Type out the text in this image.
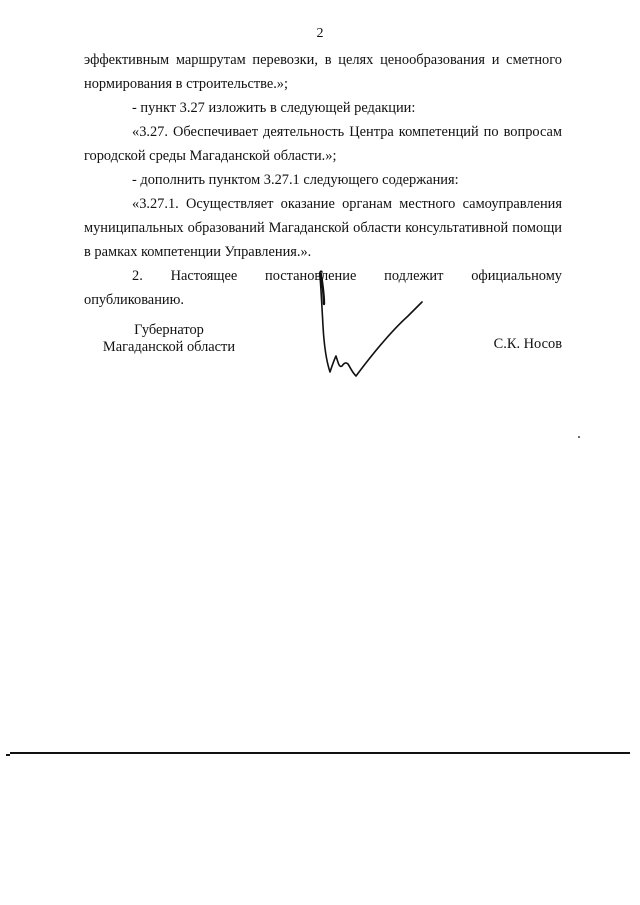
2

эффективным маршрутам перевозки, в целях ценообразования и сметного нормирования в строительстве.»;

- пункт 3.27 изложить в следующей редакции:

«3.27. Обеспечивает деятельность Центра компетенций по вопросам городской среды Магаданской области.»;

- дополнить пунктом 3.27.1 следующего содержания:

«3.27.1. Осуществляет оказание органам местного самоуправления муниципальных образований Магаданской области консультативной помощи в рамках компетенции Управления.».

2. Настоящее постановление подлежит официальному опубликованию.

Губернатор
Магаданской области	С.К. Носов
